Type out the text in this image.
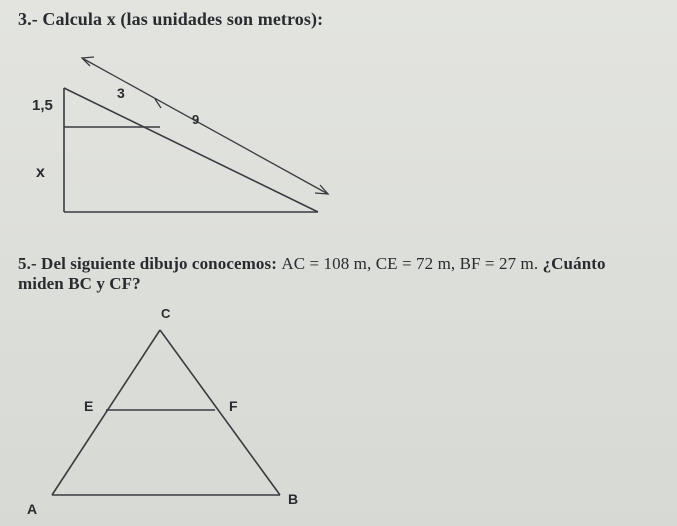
3.- Calcula x (las unidades son metros):
1,5
3
9
x
C
E	F
A
B
5.- Del siguiente dibujo conocemos: AC = 108 m, CE = 72 m, BF = 27 m. ¿Cuánto
miden BC y CF?
